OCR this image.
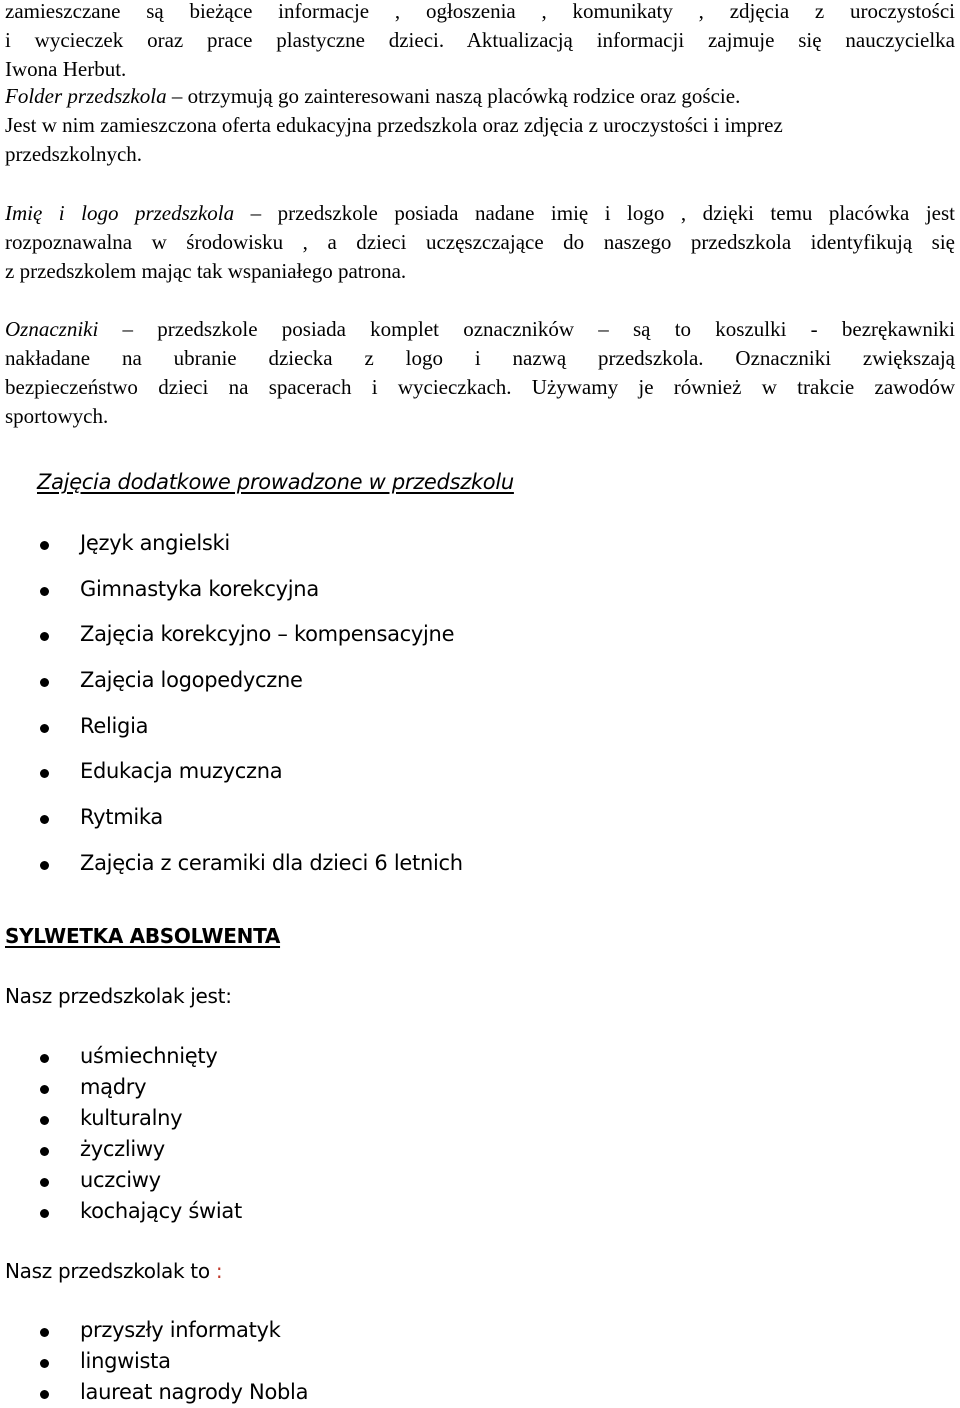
zamieszczane są bieżące informacje , ogłoszenia , komunikaty , zdjęcia z uroczystości
i wycieczek oraz prace plastyczne dzieci. Aktualizacją informacji zajmuje się nauczycielka
Iwona Herbut.
Folder przedszkola – otrzymują go zainteresowani naszą placówką rodzice oraz goście.
Jest w nim zamieszczona oferta edukacyjna przedszkola oraz zdjęcia z uroczystości i imprez
przedszkolnych.
Imię i logo przedszkola – przedszkole posiada nadane imię i logo , dzięki temu placówka jest
rozpoznawalna w środowisku , a dzieci uczęszczające do naszego przedszkola identyfikują się
z przedszkolem mając tak wspaniałego patrona.
Oznaczniki – przedszkole posiada komplet oznaczników – są to koszulki - bezrękawniki
nakładane na ubranie dziecka z logo i nazwą przedszkola. Oznaczniki zwiększają
bezpieczeństwo dzieci na spacerach i wycieczkach. Używamy je również w trakcie zawodów
sportowych.
Zajęcia dodatkowe prowadzone w przedszkolu
Język angielski
Gimnastyka korekcyjna
Zajęcia korekcyjno – kompensacyjne
Zajęcia logopedyczne
Religia
Edukacja muzyczna
Rytmika
Zajęcia z ceramiki dla dzieci 6 letnich
SYLWETKA ABSOLWENTA
Nasz przedszkolak jest:
uśmiechnięty
mądry
kulturalny
życzliwy
uczciwy
kochający świat
Nasz przedszkolak to :
przyszły informatyk
lingwista
laureat nagrody Nobla
